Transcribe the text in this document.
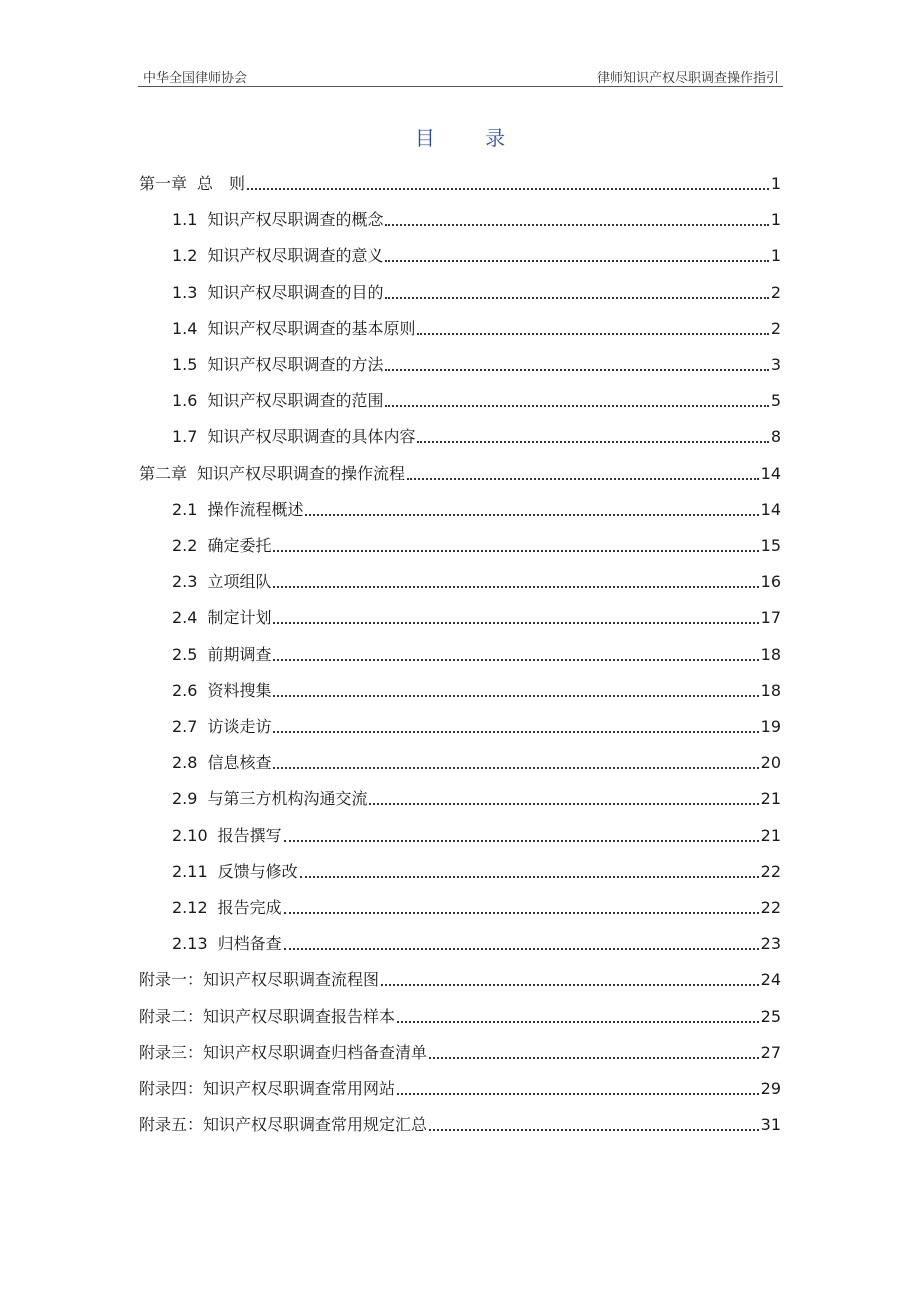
中华全国律师协会	律师知识产权尽职调查操作指引
目 录
第一章 总　则	1
1.1 知识产权尽职调查的概念	1
1.2 知识产权尽职调查的意义	1
1.3 知识产权尽职调查的目的	2
1.4 知识产权尽职调查的基本原则	2
1.5 知识产权尽职调查的方法	3
1.6 知识产权尽职调查的范围	5
1.7 知识产权尽职调查的具体内容	8
第二章 知识产权尽职调查的操作流程	14
2.1 操作流程概述	14
2.2 确定委托	15
2.3 立项组队	16
2.4 制定计划	17
2.5 前期调查	18
2.6 资料搜集	18
2.7 访谈走访	19
2.8 信息核查	20
2.9 与第三方机构沟通交流	21
2.10 报告撰写	21
2.11 反馈与修改	22
2.12 报告完成	22
2.13 归档备查	23
附录一： 知识产权尽职调查流程图	24
附录二： 知识产权尽职调查报告样本	25
附录三： 知识产权尽职调查归档备查清单	27
附录四： 知识产权尽职调查常用网站	29
附录五： 知识产权尽职调查常用规定汇总	31
